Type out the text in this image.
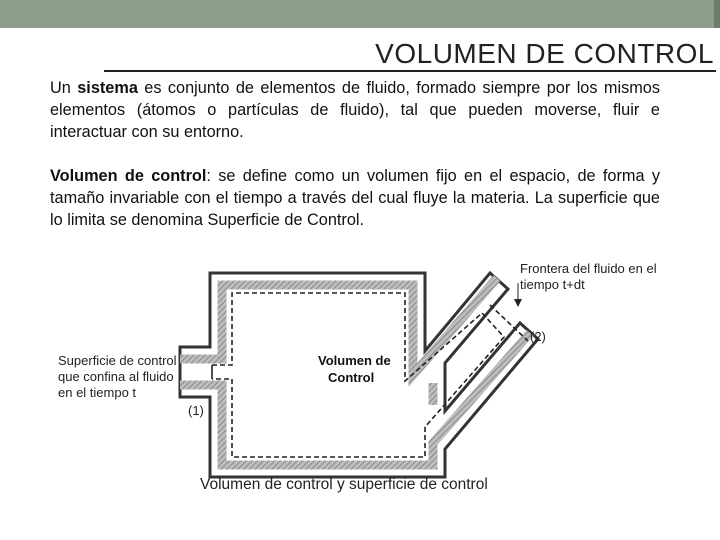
VOLUMEN DE CONTROL
Un sistema es conjunto de elementos de fluido, formado siempre por los mismos elementos (átomos o partículas de fluido), tal que pueden moverse, fluir e interactuar con su entorno.
Volumen de control: se define como un volumen fijo en el espacio, de forma y tamaño invariable con el tiempo a través del cual fluye la materia. La superficie que lo limita se denomina Superficie de Control.
Frontera del fluido en el
tiempo t+dt
(2)
Volumen de
Control
Superficie de control
que confina al fluido
en el tiempo t
(1)
Volumen de control y superficie de control
